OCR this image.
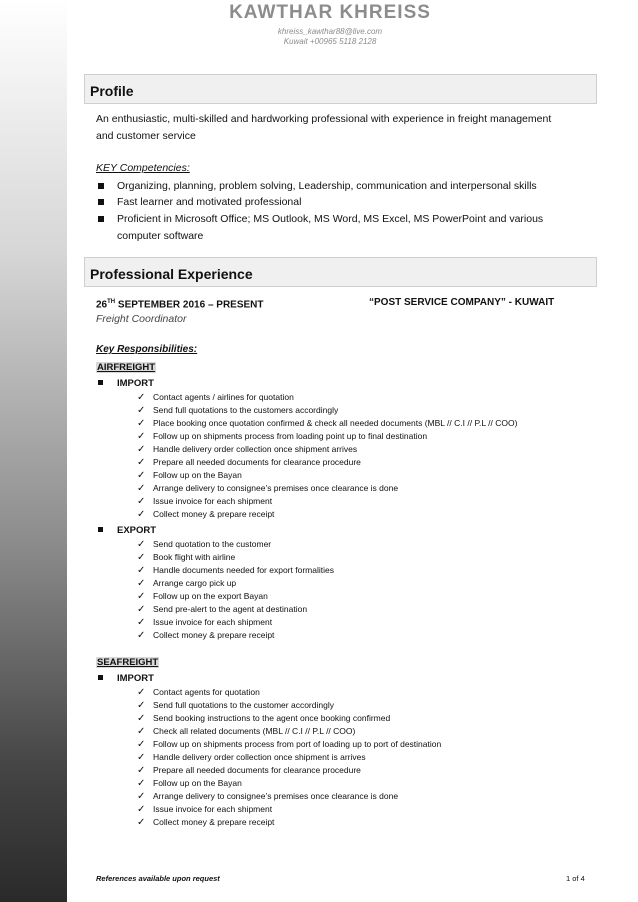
KAWTHAR KHREISS
khreiss_kawthar88@live.com
Kuwait +00965 5118 2128
Profile
An enthusiastic, multi-skilled and hardworking professional with experience in freight management
and customer service
KEY Competencies:
Organizing, planning, problem solving, Leadership, communication and interpersonal skills
Fast learner and motivated professional
Proficient in Microsoft Office; MS Outlook, MS Word, MS Excel, MS PowerPoint and various
computer software
Professional Experience
26TH SEPTEMBER 2016 – PRESENT	“POST SERVICE COMPANY” - KUWAIT
Freight Coordinator
Key Responsibilities:
AIRFREIGHT
IMPORT
✓ Contact agents / airlines for quotation
✓ Send full quotations to the customers accordingly
✓ Place booking once quotation confirmed & check all needed documents (MBL // C.I // P.L // COO)
✓ Follow up on shipments process from loading point up to final destination
✓ Handle delivery order collection once shipment arrives
✓ Prepare all needed documents for clearance procedure
✓ Follow up on the Bayan
✓ Arrange delivery to consignee’s premises once clearance is done
✓ Issue invoice for each shipment
✓ Collect money & prepare receipt
EXPORT
✓ Send quotation to the customer
✓ Book flight with airline
✓ Handle documents needed for export formalities
✓ Arrange cargo pick up
✓ Follow up on the export Bayan
✓ Send pre-alert to the agent at destination
✓ Issue invoice for each shipment
✓ Collect money & prepare receipt
SEAFREIGHT
IMPORT
✓ Contact agents for quotation
✓ Send full quotations to the customer accordingly
✓ Send booking instructions to the agent once booking confirmed
✓ Check all related documents (MBL // C.I // P.L // COO)
✓ Follow up on shipments process from port of loading up to port of destination
✓ Handle delivery order collection once shipment is arrives
✓ Prepare all needed documents for clearance procedure
✓ Follow up on the Bayan
✓ Arrange delivery to consignee’s premises once clearance is done
✓ Issue invoice for each shipment
✓ Collect money & prepare receipt
References available upon request	1 of 4
